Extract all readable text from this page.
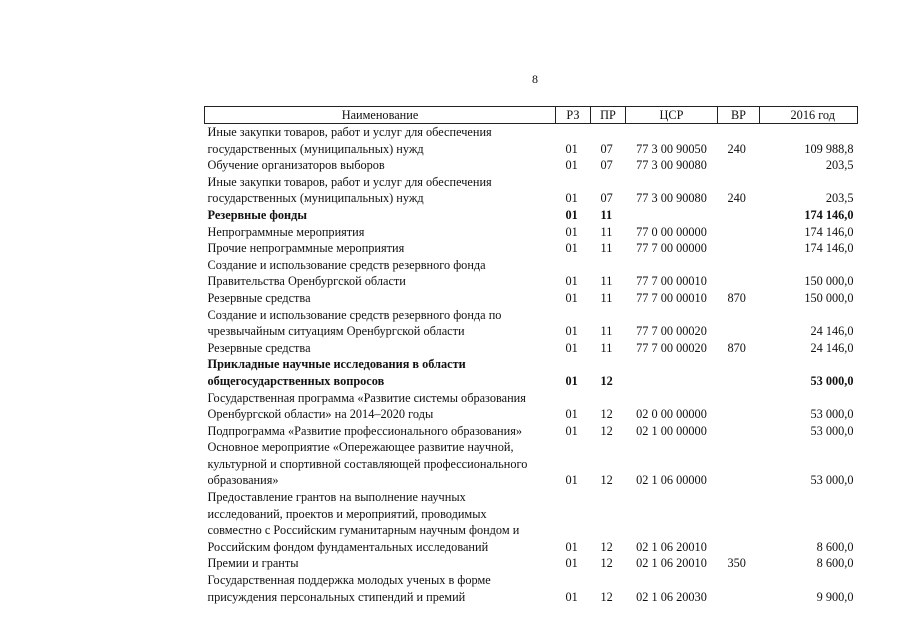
8
Наименование	РЗ	ПР	ЦСР	ВР	2016 год

Иные закупки товаров, работ и услуг для обеспечения
государственных (муниципальных) нужд	01	07	77 3 00 90050	240	109 988,8

Обучение организаторов выборов	01	07	77 3 00 90080		203,5

Иные закупки товаров, работ и услуг для обеспечения
государственных (муниципальных) нужд	01	07	77 3 00 90080	240	203,5

Резервные фонды	01	11			174 146,0

Непрограммные мероприятия	01	11	77 0 00 00000		174 146,0

Прочие непрограммные мероприятия	01	11	77 7 00 00000		174 146,0

Создание и использование средств резервного фонда
Правительства Оренбургской области	01	11	77 7 00 00010		150 000,0

Резервные средства	01	11	77 7 00 00010	870	150 000,0

Создание и использование средств резервного фонда по
чрезвычайным ситуациям Оренбургской области	01	11	77 7 00 00020		24 146,0

Резервные средства	01	11	77 7 00 00020	870	24 146,0

Прикладные научные исследования в области
общегосударственных вопросов	01	12			53 000,0

Государственная программа «Развитие системы образования
Оренбургской области» на 2014–2020 годы	01	12	02 0 00 00000		53 000,0

Подпрограмма «Развитие профессионального образования»	01	12	02 1 00 00000		53 000,0

Основное мероприятие «Опережающее развитие научной,
культурной и спортивной составляющей профессионального
образования»	01	12	02 1 06 00000		53 000,0

Предоставление грантов на выполнение научных
исследований, проектов и мероприятий, проводимых
совместно с Российским гуманитарным научным фондом и
Российским фондом фундаментальных исследований	01	12	02 1 06 20010		8 600,0

Премии и гранты	01	12	02 1 06 20010	350	8 600,0

Государственная поддержка молодых ученых в форме
присуждения персональных стипендий и премий	01	12	02 1 06 20030		9 900,0
